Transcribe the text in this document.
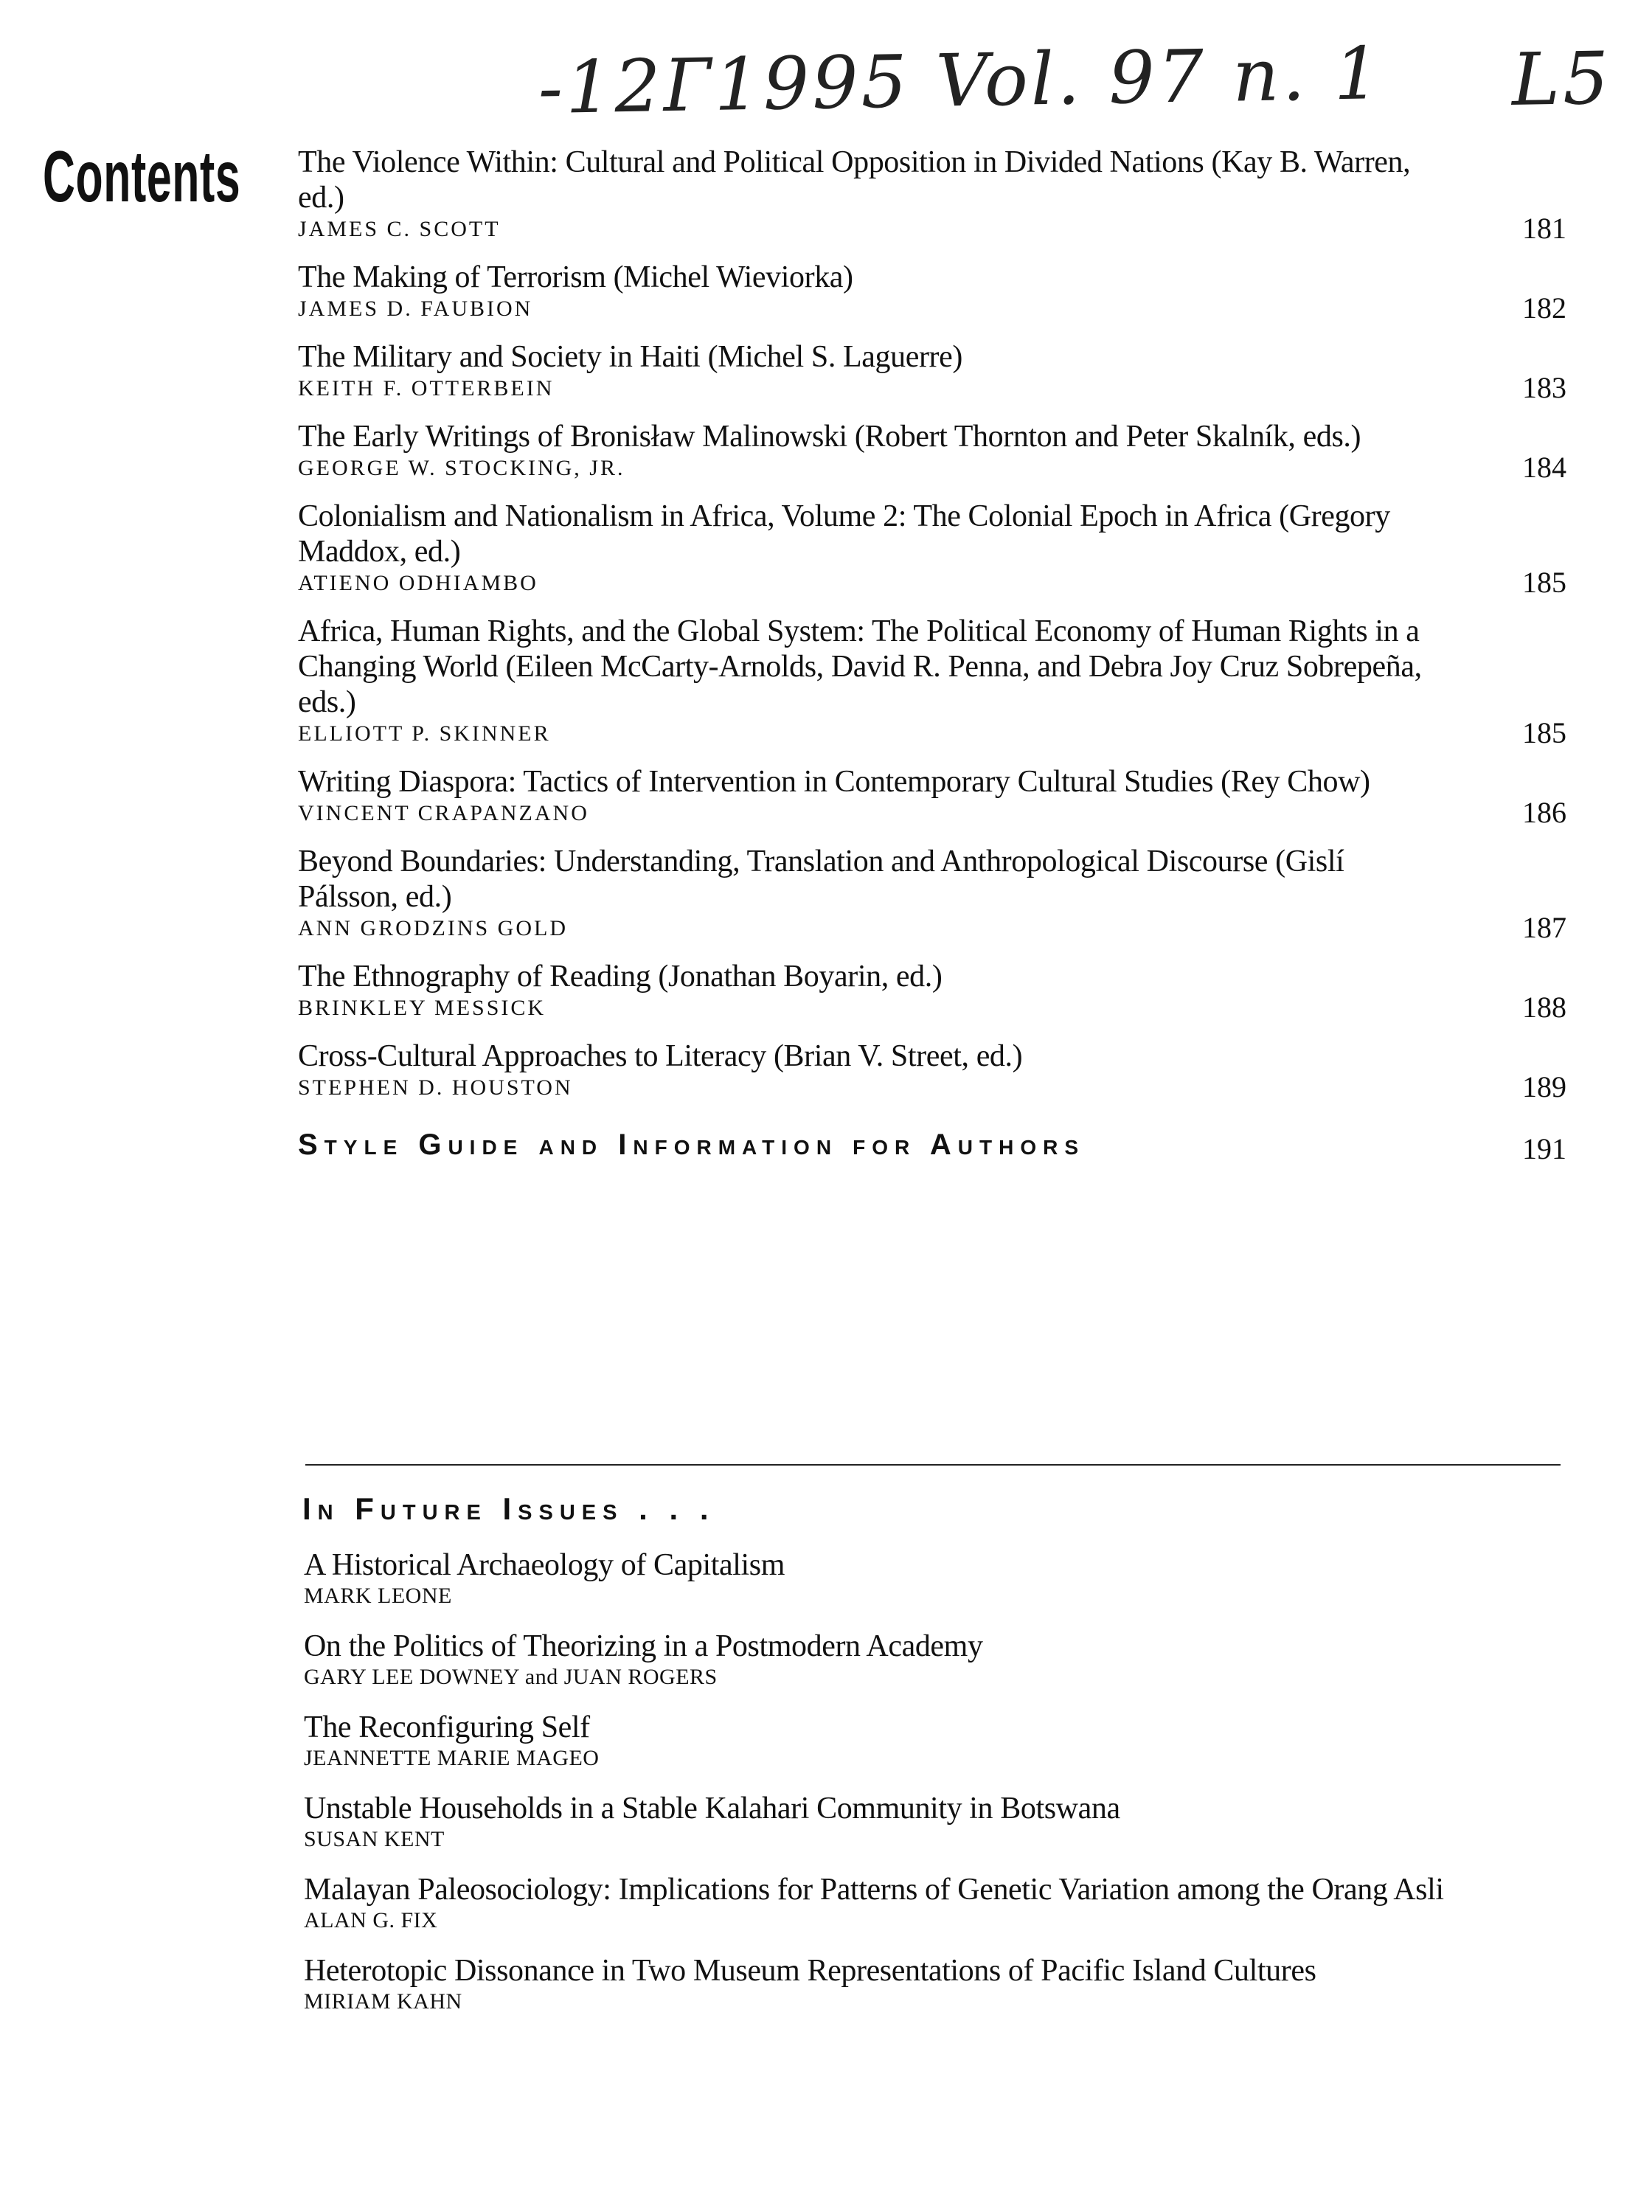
-12Г1995 Vol. 97 n. 1 L5
Contents The Violence Within: Cultural and Political Opposition in Divided Nations (Kay B. Warren, ed.)
JAMES C. SCOTT	181
The Making of Terrorism (Michel Wieviorka)
JAMES D. FAUBION	182
The Military and Society in Haiti (Michel S. Laguerre)
KEITH F. OTTERBEIN	183
The Early Writings of Bronisław Malinowski (Robert Thornton and Peter Skalník, eds.)
GEORGE W. STOCKING, JR.	184
Colonialism and Nationalism in Africa, Volume 2: The Colonial Epoch in Africa (Gregory Maddox, ed.)
ATIENO ODHIAMBO	185
Africa, Human Rights, and the Global System: The Political Economy of Human Rights in a Changing World (Eileen McCarty-Arnolds, David R. Penna, and Debra Joy Cruz Sobrepeña, eds.)
ELLIOTT P. SKINNER	185
Writing Diaspora: Tactics of Intervention in Contemporary Cultural Studies (Rey Chow)
VINCENT CRAPANZANO	186
Beyond Boundaries: Understanding, Translation and Anthropological Discourse (Gislí Pálsson, ed.)
ANN GRODZINS GOLD	187
The Ethnography of Reading (Jonathan Boyarin, ed.)
BRINKLEY MESSICK	188
Cross-Cultural Approaches to Literacy (Brian V. Street, ed.)
STEPHEN D. HOUSTON	189
Style Guide and Information for Authors	191
In Future Issues . . .
A Historical Archaeology of Capitalism
MARK LEONE
On the Politics of Theorizing in a Postmodern Academy
GARY LEE DOWNEY and JUAN ROGERS
The Reconfiguring Self
JEANNETTE MARIE MAGEO
Unstable Households in a Stable Kalahari Community in Botswana
SUSAN KENT
Malayan Paleosociology: Implications for Patterns of Genetic Variation among the Orang Asli
ALAN G. FIX
Heterotopic Dissonance in Two Museum Representations of Pacific Island Cultures
MIRIAM KAHN
